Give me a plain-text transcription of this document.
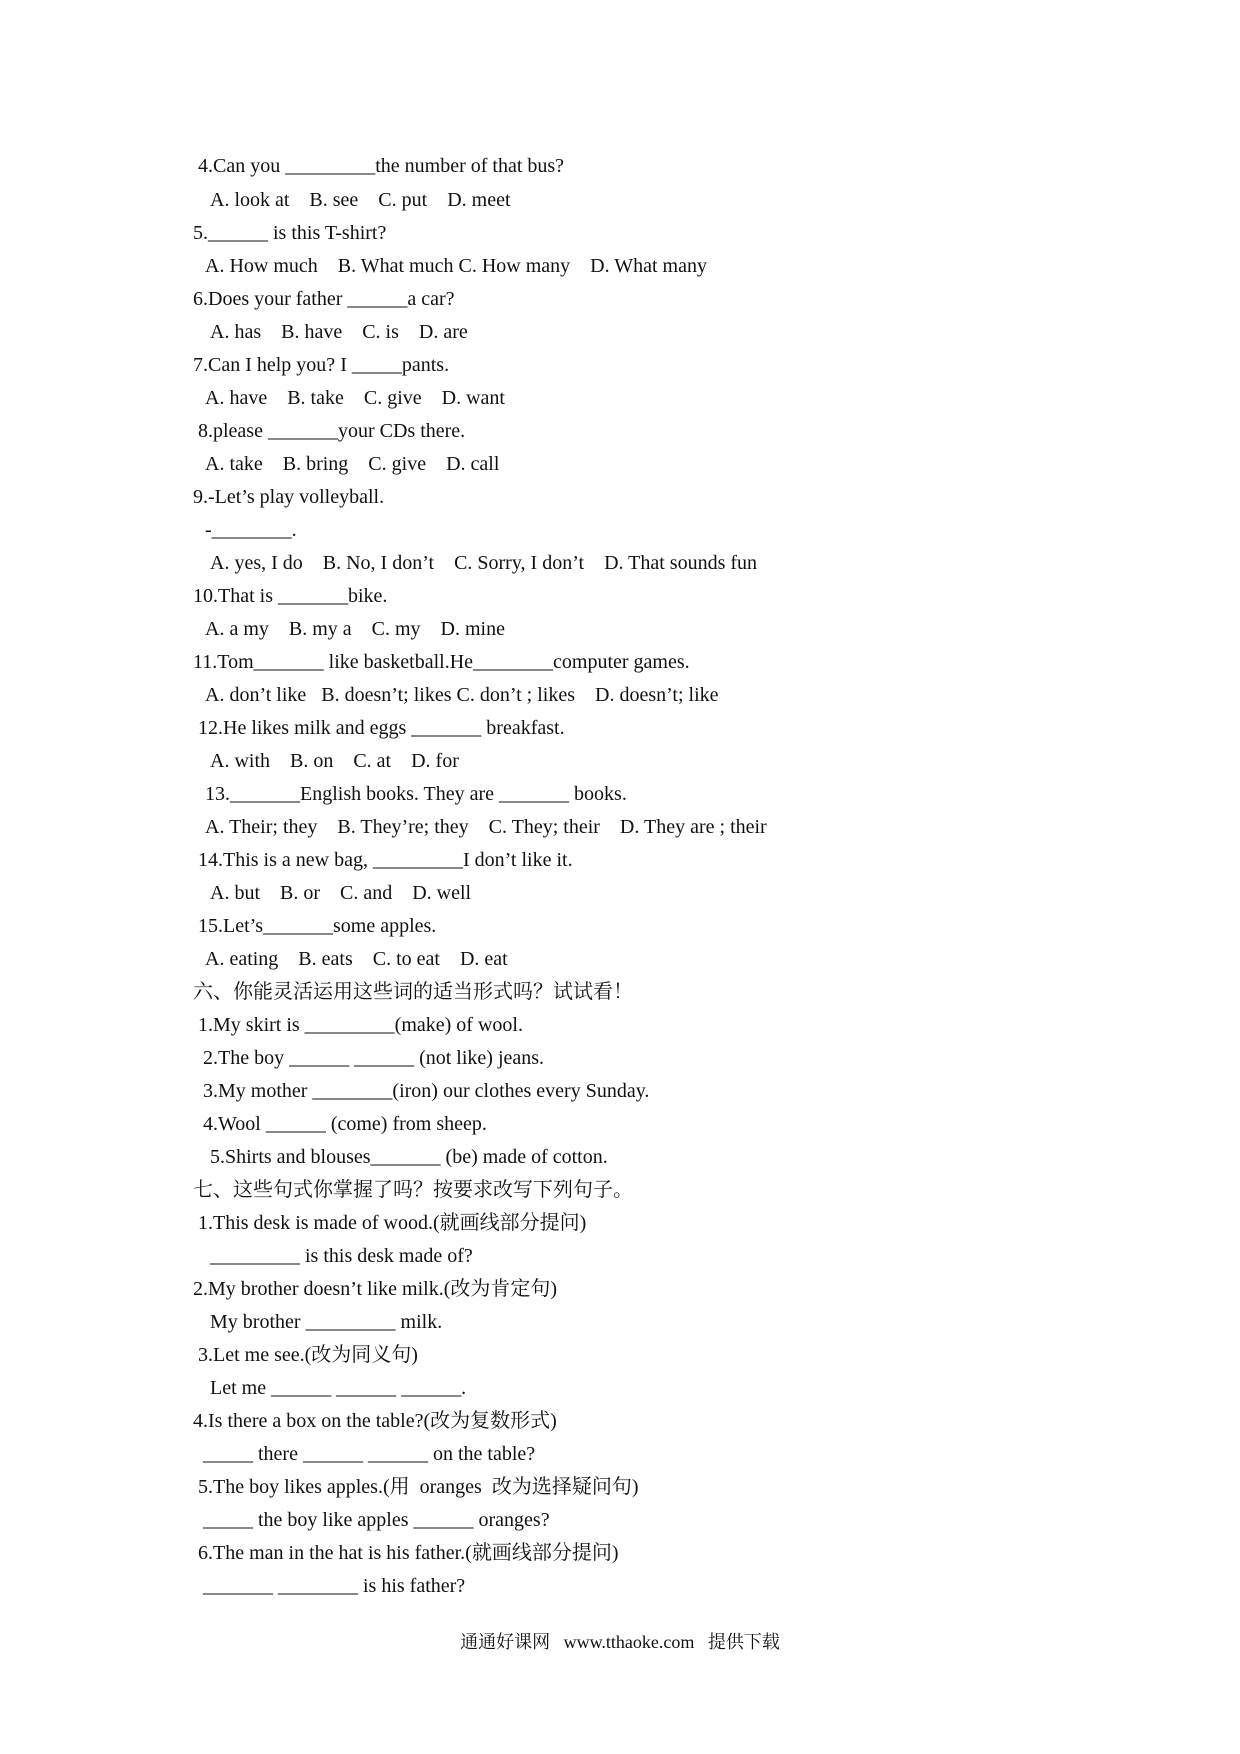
4.Can you _________the number of that bus?
A. look at    B. see    C. put    D. meet
5.______ is this T-shirt?
A. How much    B. What much C. How many    D. What many
6.Does your father ______a car?
A. has    B. have    C. is    D. are
7.Can I help you? I _____pants.
A. have    B. take    C. give    D. want
8.please _______your CDs there.
A. take    B. bring    C. give    D. call
9.-Let’s play volleyball.
-________.
A. yes, I do    B. No, I don’t    C. Sorry, I don’t    D. That sounds fun
10.That is _______bike.
A. a my    B. my a    C. my    D. mine
11.Tom_______ like basketball.He________computer games.
A. don’t like   B. doesn’t; likes C. don’t ; likes    D. doesn’t; like
12.He likes milk and eggs _______ breakfast.
A. with    B. on    C. at    D. for
13._______English books. They are _______ books.
A. Their; they    B. They’re; they    C. They; their    D. They are ; their
14.This is a new bag, _________I don’t like it.
A. but    B. or    C. and    D. well
15.Let’s_______some apples.
A. eating    B. eats    C. to eat    D. eat
六、你能灵活运用这些词的适当形式吗？试试看！
1.My skirt is _________(make) of wool.
2.The boy ______ ______ (not like) jeans.
3.My mother ________(iron) our clothes every Sunday.
4.Wool ______ (come) from sheep.
5.Shirts and blouses_______ (be) made of cotton.
七、这些句式你掌握了吗？按要求改写下列句子。
1.This desk is made of wood.(就画线部分提问)
_________ is this desk made of?
2.My brother doesn’t like milk.(改为肯定句)
My brother _________ milk.
3.Let me see.(改为同义句)
Let me ______ ______ ______.
4.Is there a box on the table?(改为复数形式)
_____ there ______ ______ on the table?
5.The boy likes apples.(用  oranges  改为选择疑问句)
_____ the boy like apples ______ oranges?
6.The man in the hat is his father.(就画线部分提问)
_______ ________ is his father?
通通好课网   www.tthaoke.com   提供下载
